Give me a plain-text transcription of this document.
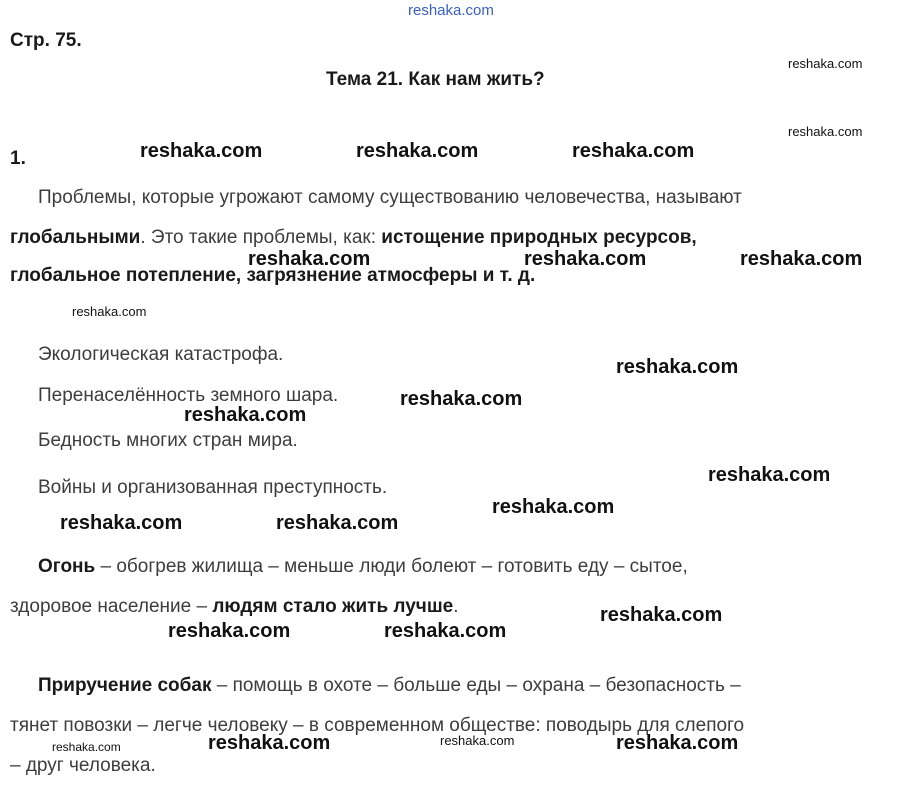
reshaka.com
Стр. 75.
Тема 21. Как нам жить?
1.
Проблемы, которые угрожают самому существованию человечества, называют
глобальными. Это такие проблемы, как: истощение природных ресурсов,
глобальное потепление, загрязнение атмосферы и т. д.
Экологическая катастрофа.
Перенаселённость земного шара.
Бедность многих стран мира.
Войны и организованная преступность.
Огонь – обогрев жилища – меньше люди болеют – готовить еду – сытое,
здоровое население – людям стало жить лучше.
Приручение собак – помощь в охоте – больше еды – охрана – безопасность –
тянет повозки – легче человеку – в современном обществе: поводырь для слепого
– друг человека.
reshaka.com
reshaka.com
reshaka.com	reshaka.com	reshaka.com
reshaka.com	reshaka.com	reshaka.com
reshaka.com
reshaka.com
reshaka.com
reshaka.com
reshaka.com
reshaka.com
reshaka.com	reshaka.com
reshaka.com
reshaka.com	reshaka.com
reshaka.com	reshaka.com
reshaka.com
reshaka.com
